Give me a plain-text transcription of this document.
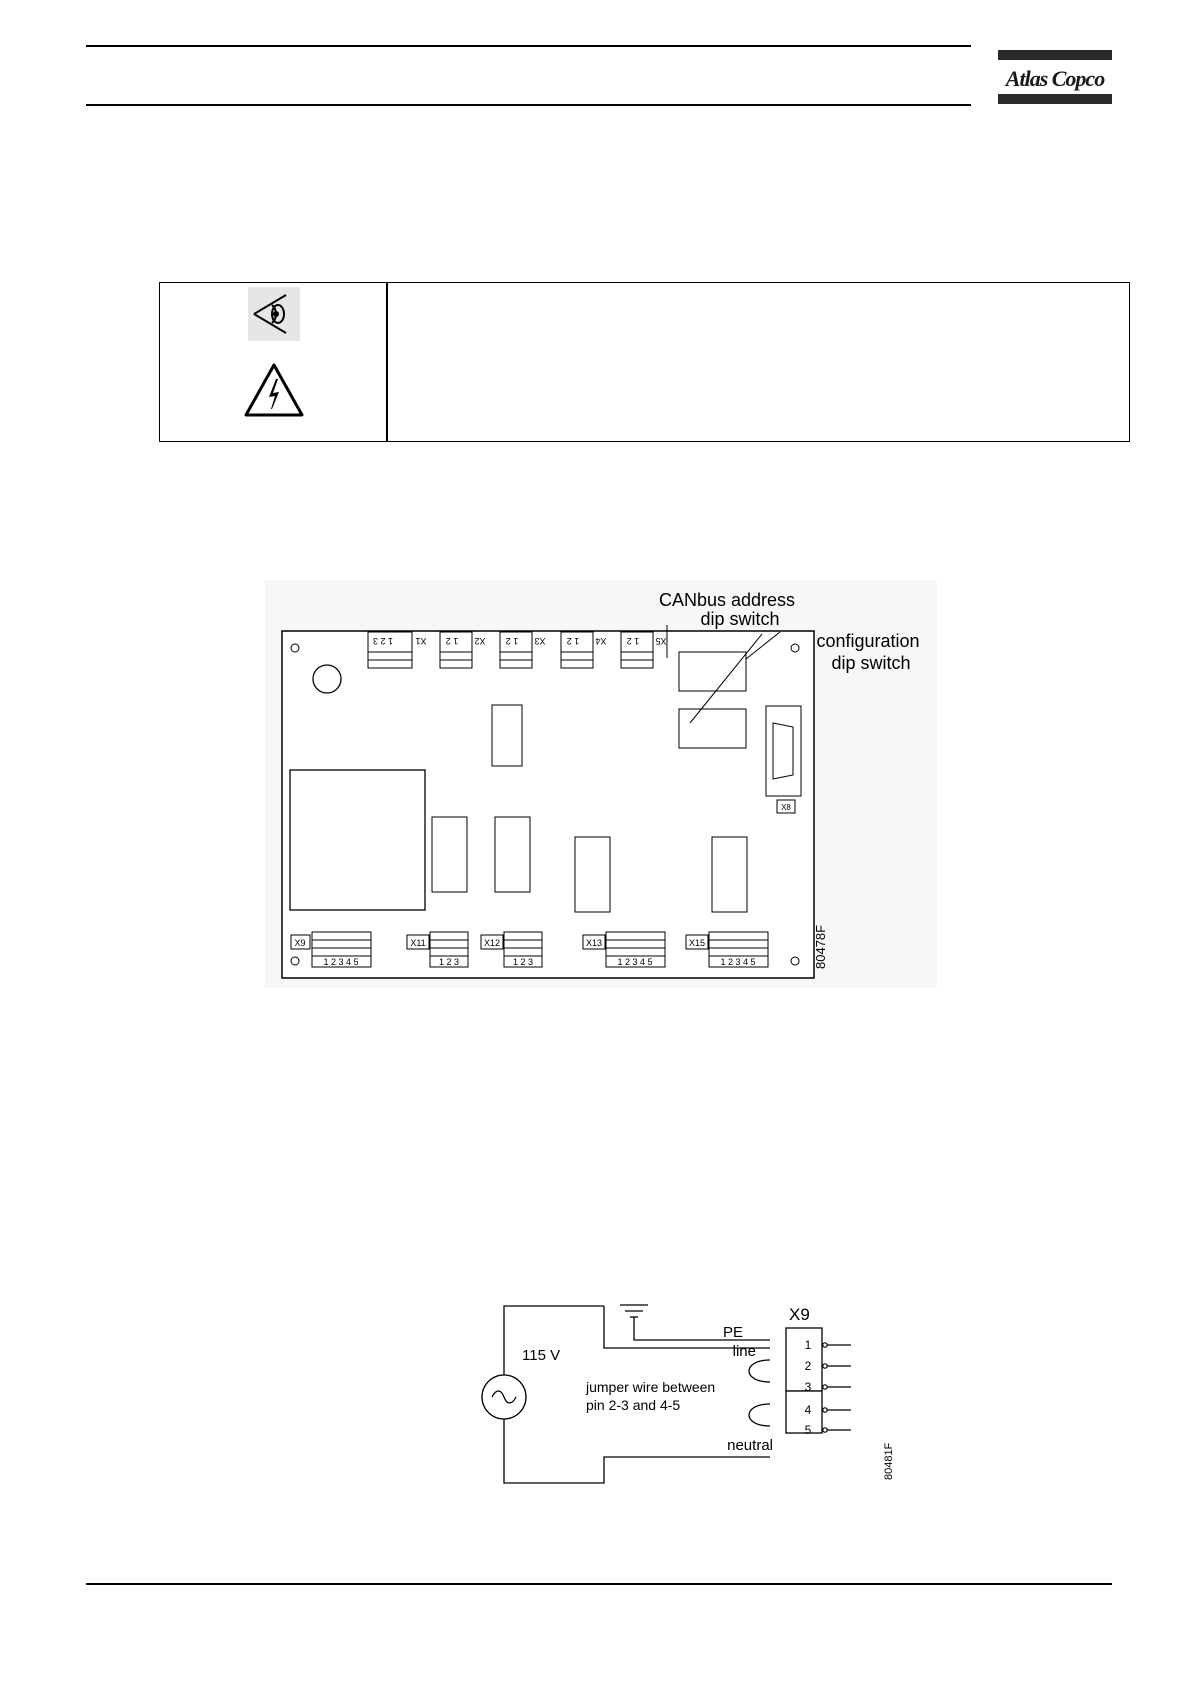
Atlas Copco
X8
CANbus address
dip switch
configuration
dip switch
1 2 3 X1 1 2 X2 1 2 X3 1 2 X4 1 2 X5
X9
1 2 3 4 5
X11
1 2 3
X12
1 2 3
X13
1 2 3 4 5
X15
1 2 3 4 5	80478F
115 V
PE
line
neutral
jumper wire between
pin 2-3 and 4-5
X9
1
2
3
4
5
80481F
